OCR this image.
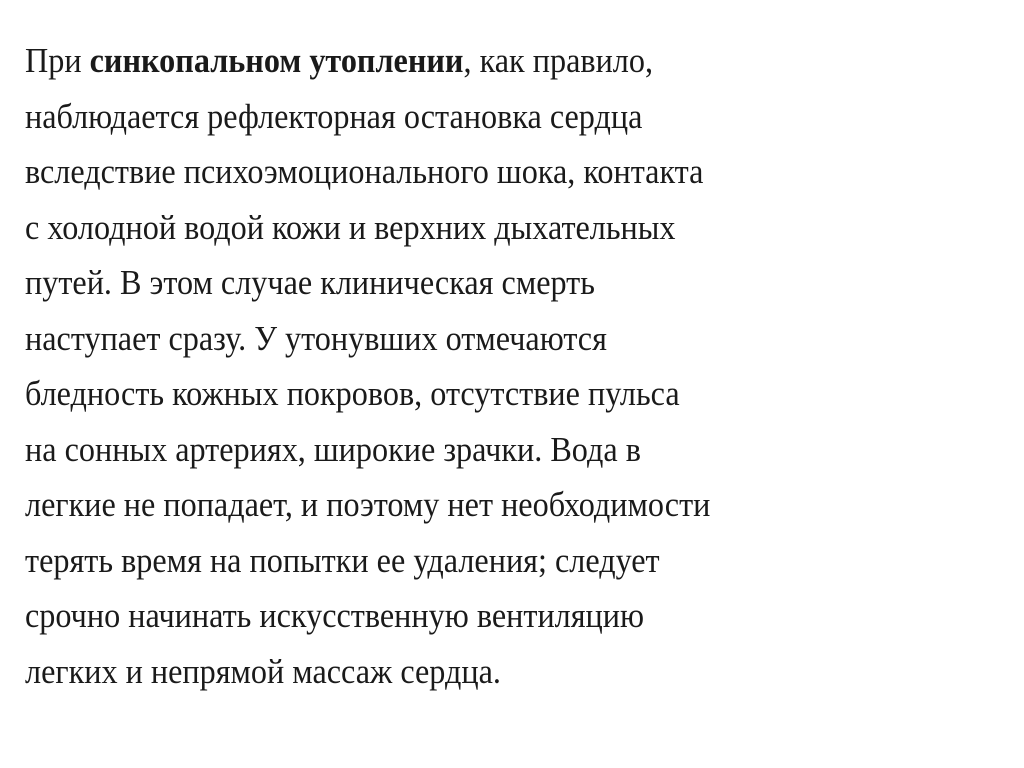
При синкопальном утоплении, как правило,
наблюдается рефлекторная остановка сердца
вследствие психоэмоционального шока, контакта
с холодной водой кожи и верхних дыхательных
путей. В этом случае клиническая смерть
наступает сразу. У утонувших отмечаются
бледность кожных покровов, отсутствие пульса
на сонных артериях, широкие зрачки. Вода в
легкие не попадает, и поэтому нет необходимости
терять время на попытки ее удаления; следует
срочно начинать искусственную вентиляцию
легких и непрямой массаж сердца.
